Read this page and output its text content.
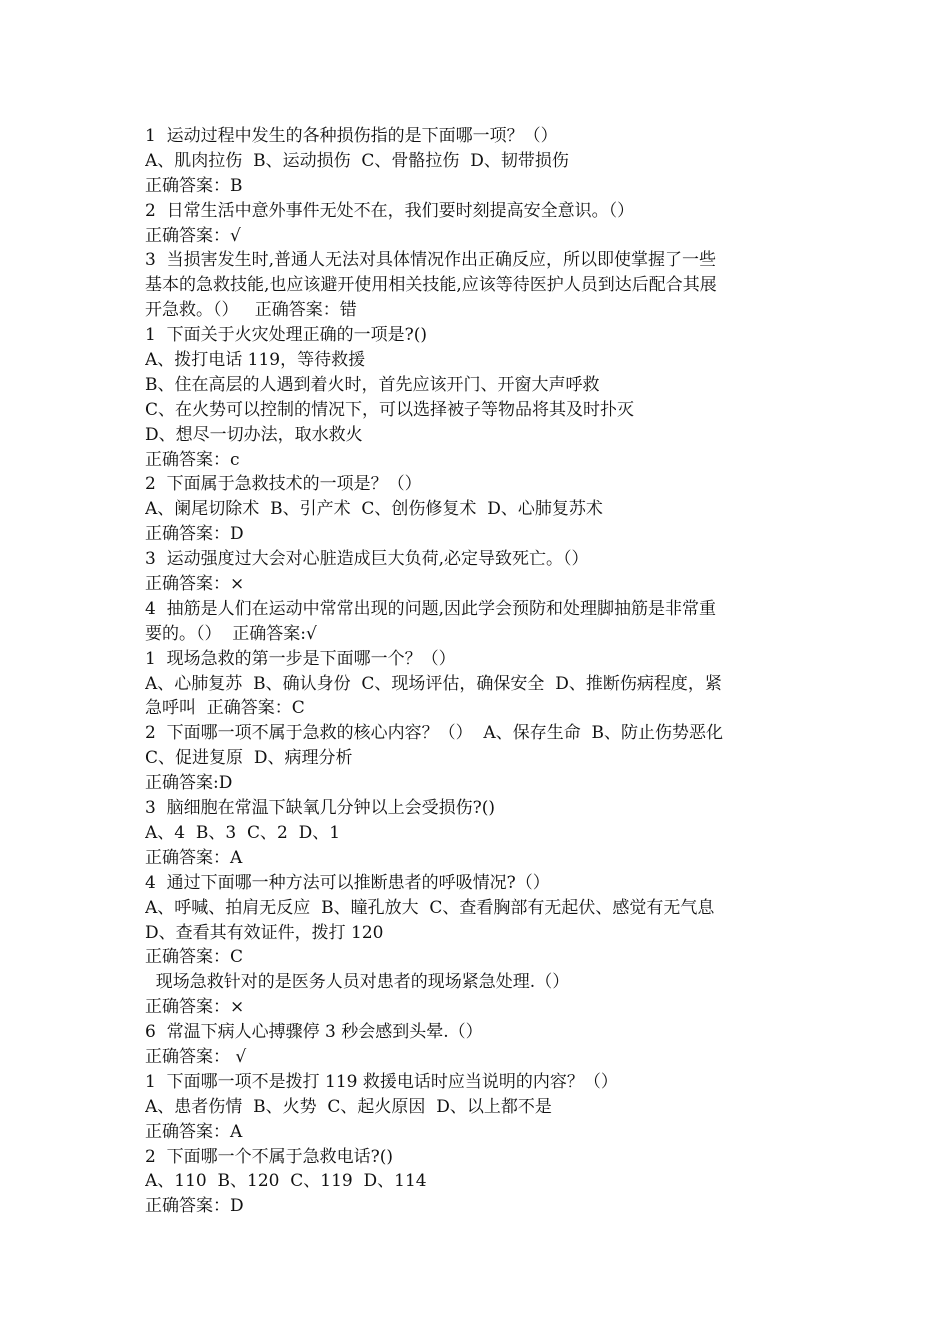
1  运动过程中发生的各种损伤指的是下面哪一项？（）
A、肌肉拉伤  B、运动损伤  C、骨骼拉伤  D、韧带损伤
正确答案：B
2  日常生活中意外事件无处不在，我们要时刻提高安全意识。（）
正确答案：√
3  当损害发生时,普通人无法对具体情况作出正确反应，所以即使掌握了一些
基本的急救技能,也应该避开使用相关技能,应该等待医护人员到达后配合其展
开急救。（）   正确答案：错
1  下面关于火灾处理正确的一项是?()
A、拨打电话 119，等待救援
B、住在高层的人遇到着火时，首先应该开门、开窗大声呼救
C、在火势可以控制的情况下，可以选择被子等物品将其及时扑灭
D、想尽一切办法，取水救火
正确答案：c
2  下面属于急救技术的一项是？（）
A、阑尾切除术  B、引产术  C、创伤修复术  D、心肺复苏术
正确答案：D
3  运动强度过大会对心脏造成巨大负荷,必定导致死亡。（）
正确答案：×
4  抽筋是人们在运动中常常出现的问题,因此学会预防和处理脚抽筋是非常重
要的。（）  正确答案:√
1  现场急救的第一步是下面哪一个？（）
A、心肺复苏  B、确认身份  C、现场评估，确保安全  D、推断伤病程度，紧
急呼叫  正确答案：C
2  下面哪一项不属于急救的核心内容？（）  A、保存生命  B、防止伤势恶化
C、促进复原  D、病理分析
正确答案:D
3  脑细胞在常温下缺氧几分钟以上会受损伤?()
A、4  B、3  C、2  D、1
正确答案：A
4  通过下面哪一种方法可以推断患者的呼吸情况?（）
A、呼喊、拍肩无反应  B、瞳孔放大  C、查看胸部有无起伏、感觉有无气息
D、查看其有效证件，拨打 120
正确答案：C
现场急救针对的是医务人员对患者的现场紧急处理.（）
正确答案：×
6  常温下病人心搏骤停 3 秒会感到头晕.（）
正确答案： √
1  下面哪一项不是拨打 119 救援电话时应当说明的内容？（）
A、患者伤情  B、火势  C、起火原因  D、以上都不是
正确答案：A
2  下面哪一个不属于急救电话?()
A、110  B、120  C、119  D、114
正确答案：D
